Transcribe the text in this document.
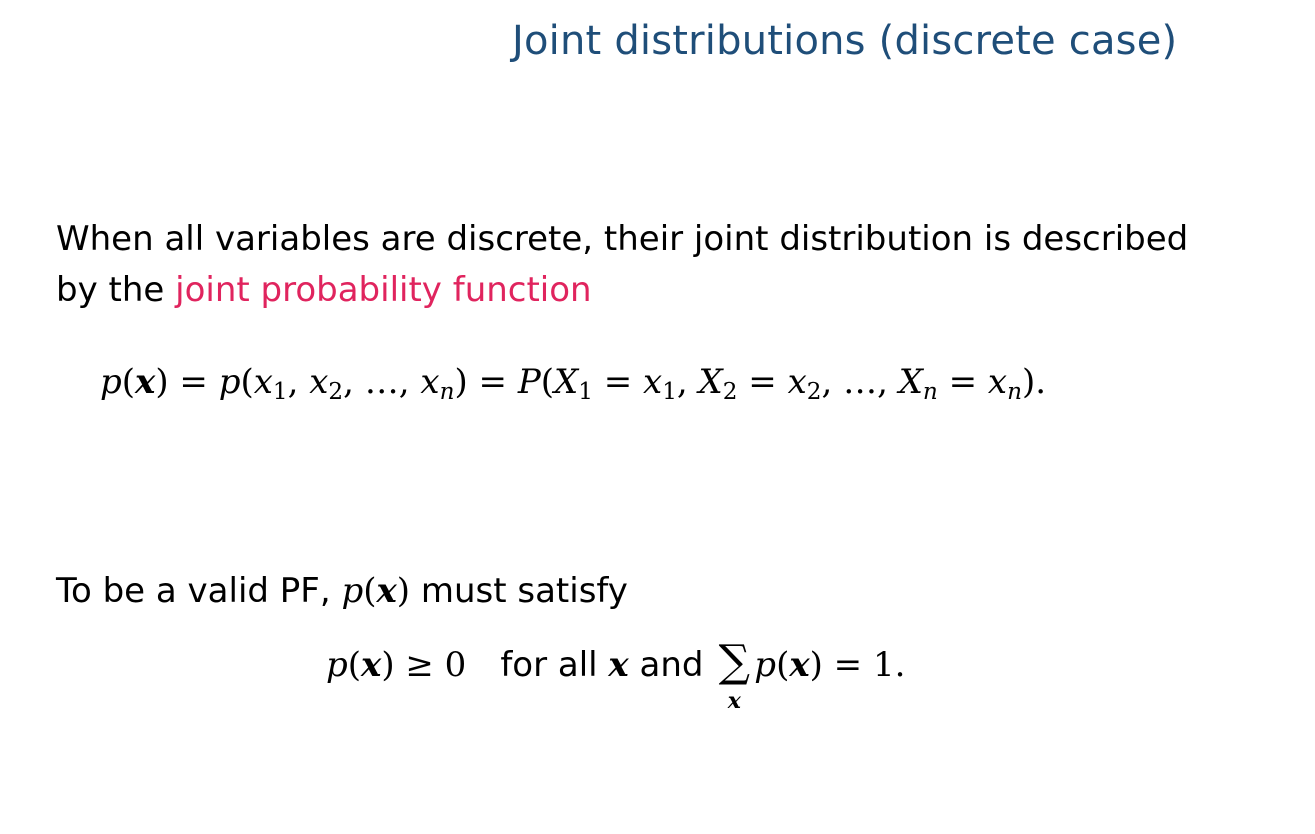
Joint distributions (discrete case)
When all variables are discrete, their joint distribution is described
by the joint probability function
$p(x) = p(x_1$, $x_2$, …, $x_n) = P(X_1 = x_1$, $X_2 = x_2$, …, $X_n = x_n$).
To be a valid PF, p(x) must satisfy
p(x) ≥ 0 for all x and ∑
x
p(x) = 1.
